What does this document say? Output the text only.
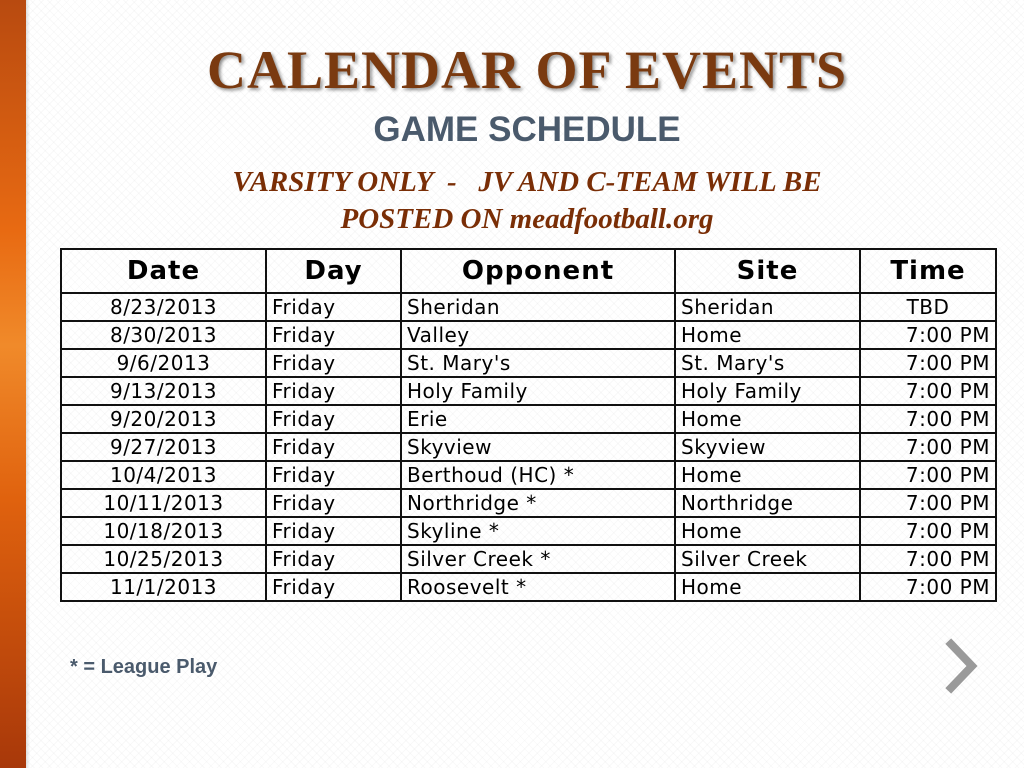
CALENDAR OF EVENTS
GAME SCHEDULE
VARSITY ONLY  -   JV AND C-TEAM WILL BE
POSTED ON meadfootball.org
Date	Day	Opponent	Site	Time
8/23/2013	Friday	Sheridan	Sheridan	TBD
8/30/2013	Friday	Valley	Home	7:00 PM
9/6/2013	Friday	St. Mary's	St. Mary's	7:00 PM
9/13/2013	Friday	Holy Family	Holy Family	7:00 PM
9/20/2013	Friday	Erie	Home	7:00 PM
9/27/2013	Friday	Skyview	Skyview	7:00 PM
10/4/2013	Friday	Berthoud (HC) *	Home	7:00 PM
10/11/2013	Friday	Northridge *	Northridge	7:00 PM
10/18/2013	Friday	Skyline *	Home	7:00 PM
10/25/2013	Friday	Silver Creek *	Silver Creek	7:00 PM
11/1/2013	Friday	Roosevelt *	Home	7:00 PM
* = League Play
